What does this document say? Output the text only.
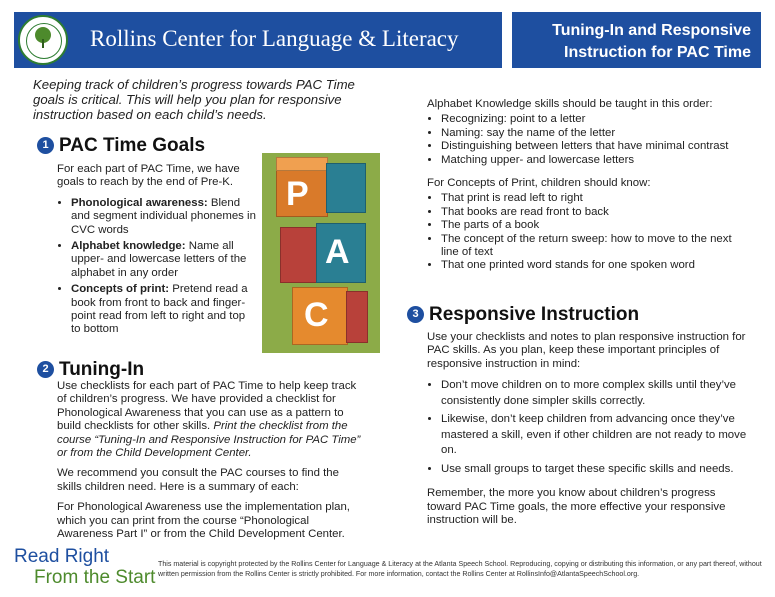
Rollins Center for Language & Literacy	Tuning-In and Responsive
Instruction for PAC Time
Keeping track of children’s progress towards PAC Time goals is critical. This will help you plan for responsive instruction based on each child’s needs.
1 PAC Time Goals

For each part of PAC Time, we have goals to reach by the end of Pre-K.

• Phonological awareness: Blend and segment individual phonemes in CVC words
• Alphabet knowledge: Name all upper- and lowercase letters of the alphabet in any order
• Concepts of print: Pretend read a book from front to back and finger-point read from left to right and top to bottom
P
A
C
2 Tuning-In

Use checklists for each part of PAC Time to help keep track of children’s progress. We have provided a checklist for Phonological Awareness that you can use as a pattern to build checklists for other skills. Print the checklist from the course “Tuning-In and Responsive Instruction for PAC Time” or from the Child Development Center.

We recommend you consult the PAC courses to find the skills children need. Here is a summary of each:

For Phonological Awareness use the implementation plan, which you can print from the course “Phonological Awareness Part I” or from the Child Development Center.

Alphabet Knowledge skills should be taught in this order:

• Recognizing: point to a letter
• Naming: say the name of the letter
• Distinguishing between letters that have minimal contrast
• Matching upper- and lowercase letters

For Concepts of Print, children should know:

• That print is read left to right
• That books are read front to back
• The parts of a book
• The concept of the return sweep: how to move to the next line of text
• That one printed word stands for one spoken word
3 Responsive Instruction

Use your checklists and notes to plan responsive instruction for PAC skills. As you plan, keep these important principles of responsive instruction in mind:

• Don’t move children on to more complex skills until they’ve consistently done simpler skills correctly.
• Likewise, don’t keep children from advancing once they’ve mastered a skill, even if other children are not ready to move on.
• Use small groups to target these specific skills and needs.

Remember, the more you know about children’s progress toward PAC Time goals, the more effective your responsive instruction will be.

Read Right
From the Start
This material is copyright protected by the Rollins Center for Language & Literacy at the Atlanta Speech School. Reproducing, copying or distributing this information, or any part thereof, without written permission from the Rollins Center is strictly prohibited. For more information, contact the Rollins Center at RollinsInfo@AtlantaSpeechSchool.org.
